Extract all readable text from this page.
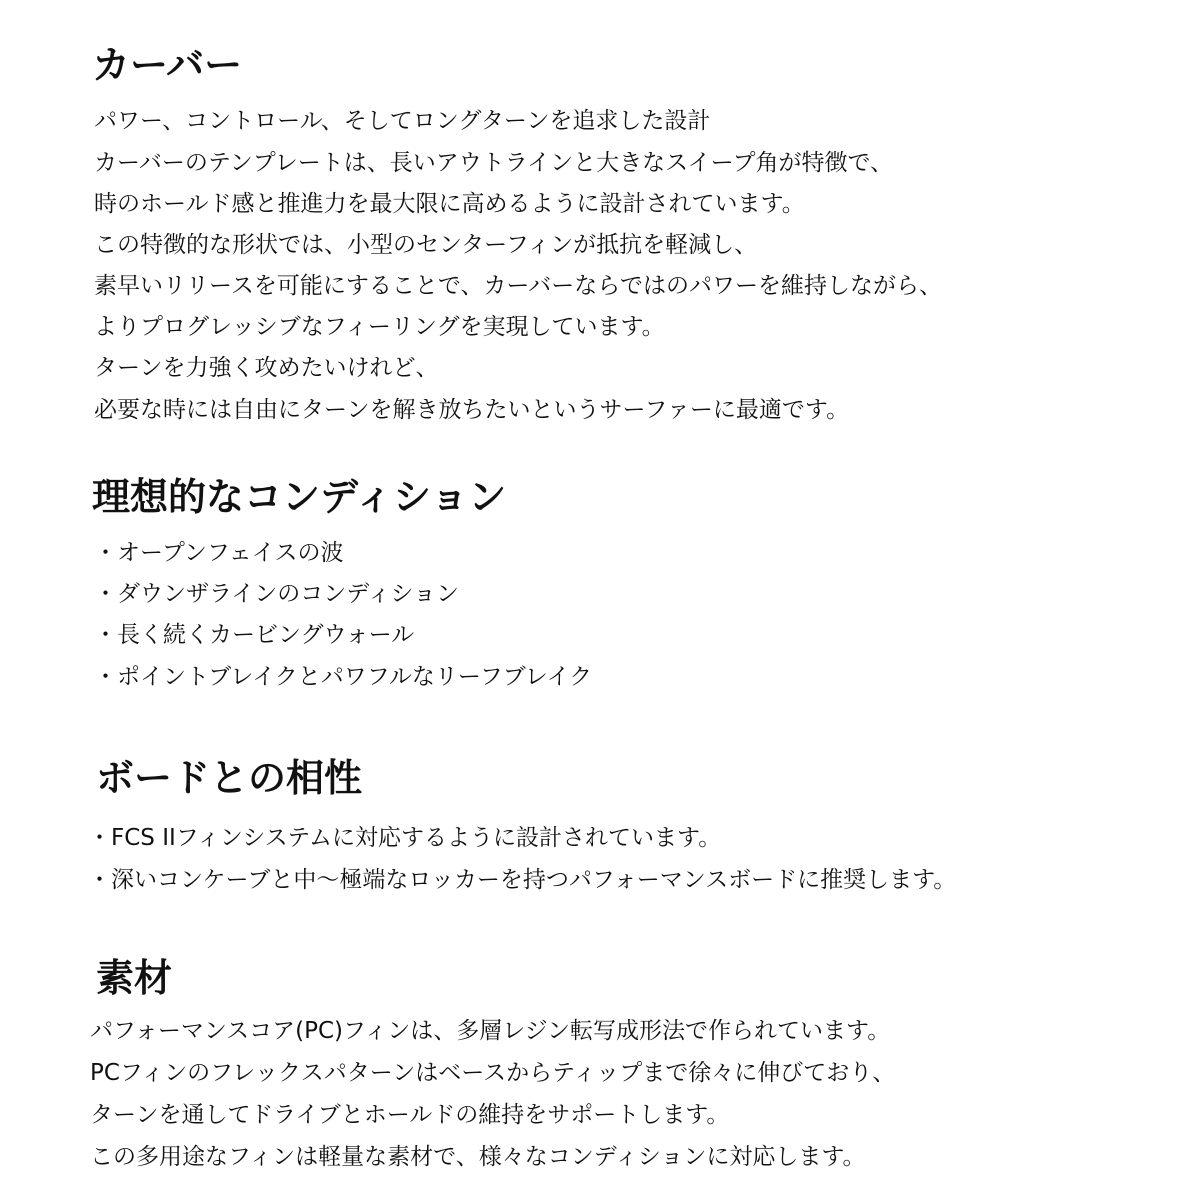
カーバー

パワー、コントロール、そしてロングターンを追求した設計

カーバーのテンプレートは、長いアウトラインと大きなスイープ角が特徴で、

時のホールド感と推進力を最大限に高めるように設計されています。

この特徴的な形状では、小型のセンターフィンが抵抗を軽減し、

素早いリリースを可能にすることで、カーバーならではのパワーを維持しながら、

よりプログレッシブなフィーリングを実現しています。

ターンを力強く攻めたいけれど、

必要な時には自由にターンを解き放ちたいというサーファーに最適です。

理想的なコンディション

・オープンフェイスの波

・ダウンザラインのコンディション

・長く続くカービングウォール

・ポイントブレイクとパワフルなリーフブレイク

ボードとの相性

・FCS IIフィンシステムに対応するように設計されています。

・深いコンケーブと中〜極端なロッカーを持つパフォーマンスボードに推奨します。

素材

パフォーマンスコア(PC)フィンは、多層レジン転写成形法で作られています。

PCフィンのフレックスパターンはベースからティップまで徐々に伸びており、

ターンを通してドライブとホールドの維持をサポートします。

この多用途なフィンは軽量な素材で、様々なコンディションに対応します。
